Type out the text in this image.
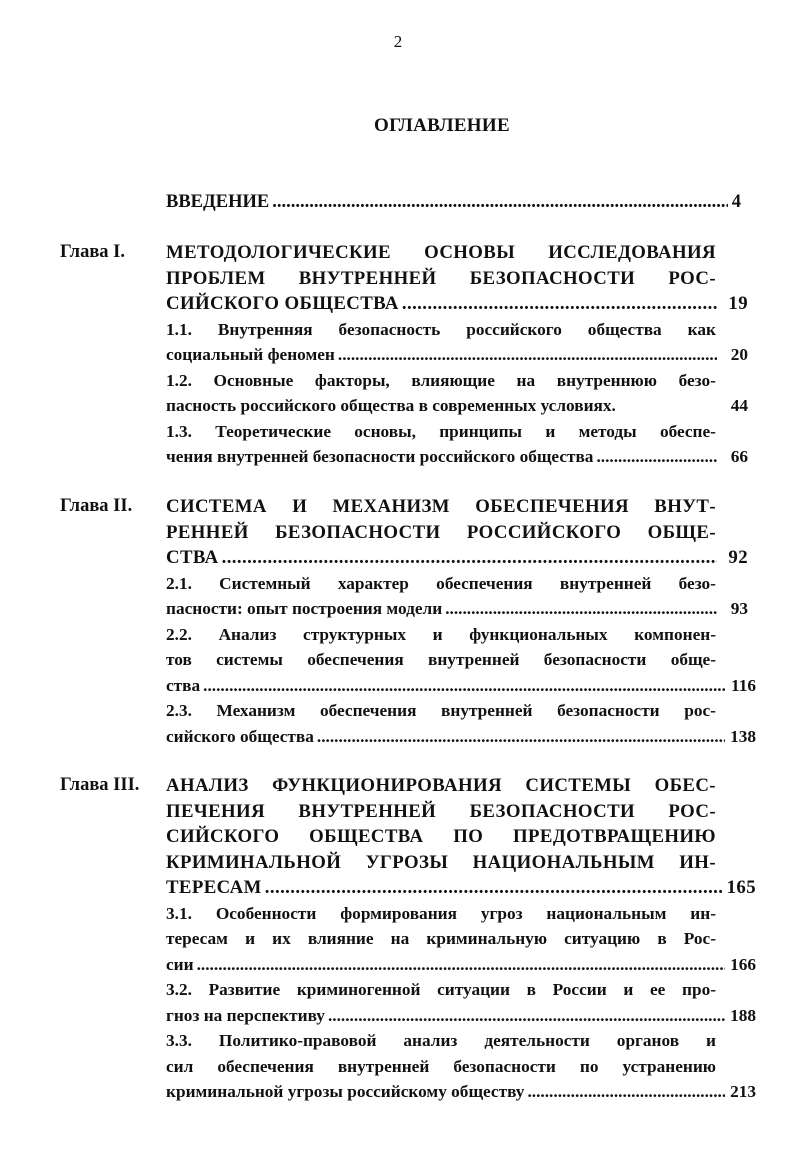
2
ОГЛАВЛЕНИЕ
ВВЕДЕНИЕ .....	4
Глава I.	МЕТОДОЛОГИЧЕСКИЕ ОСНОВЫ ИССЛЕДОВАНИЯ
ПРОБЛЕМ ВНУТРЕННЕЙ БЕЗОПАСНОСТИ РОС-
СИЙСКОГО ОБЩЕСТВА .....	19
1.1. Внутренняя безопасность российского общества как
социальный феномен .....	20
1.2. Основные факторы, влияющие на внутреннюю безо-
пасность российского общества в современных условиях.	44
1.3. Теоретические основы, принципы и методы обеспе-
чения внутренней безопасности российского общества .....	66
Глава II.	СИСТЕМА И МЕХАНИЗМ ОБЕСПЕЧЕНИЯ ВНУТ-
РЕННЕЙ БЕЗОПАСНОСТИ РОССИЙСКОГО ОБЩЕ-
СТВА .....	92
2.1. Системный характер обеспечения внутренней безо-
пасности: опыт построения модели .....	93
2.2. Анализ структурных и функциональных компонен-
тов системы обеспечения внутренней безопасности обще-
ства .....	116
2.3. Механизм обеспечения внутренней безопасности рос-
сийского общества .....	138
Глава III.	АНАЛИЗ ФУНКЦИОНИРОВАНИЯ СИСТЕМЫ ОБЕС-
ПЕЧЕНИЯ ВНУТРЕННЕЙ БЕЗОПАСНОСТИ РОС-
СИЙСКОГО ОБЩЕСТВА ПО ПРЕДОТВРАЩЕНИЮ
КРИМИНАЛЬНОЙ УГРОЗЫ НАЦИОНАЛЬНЫМ ИН-
ТЕРЕСАМ .....	165
3.1. Особенности формирования угроз национальным ин-
тересам и их влияние на криминальную ситуацию в Рос-
сии .....	166
3.2. Развитие криминогенной ситуации в России и ее про-
гноз на перспективу .....	188
3.3. Политико-правовой анализ деятельности органов и
сил обеспечения внутренней безопасности по устранению
криминальной угрозы российскому обществу .....	213
